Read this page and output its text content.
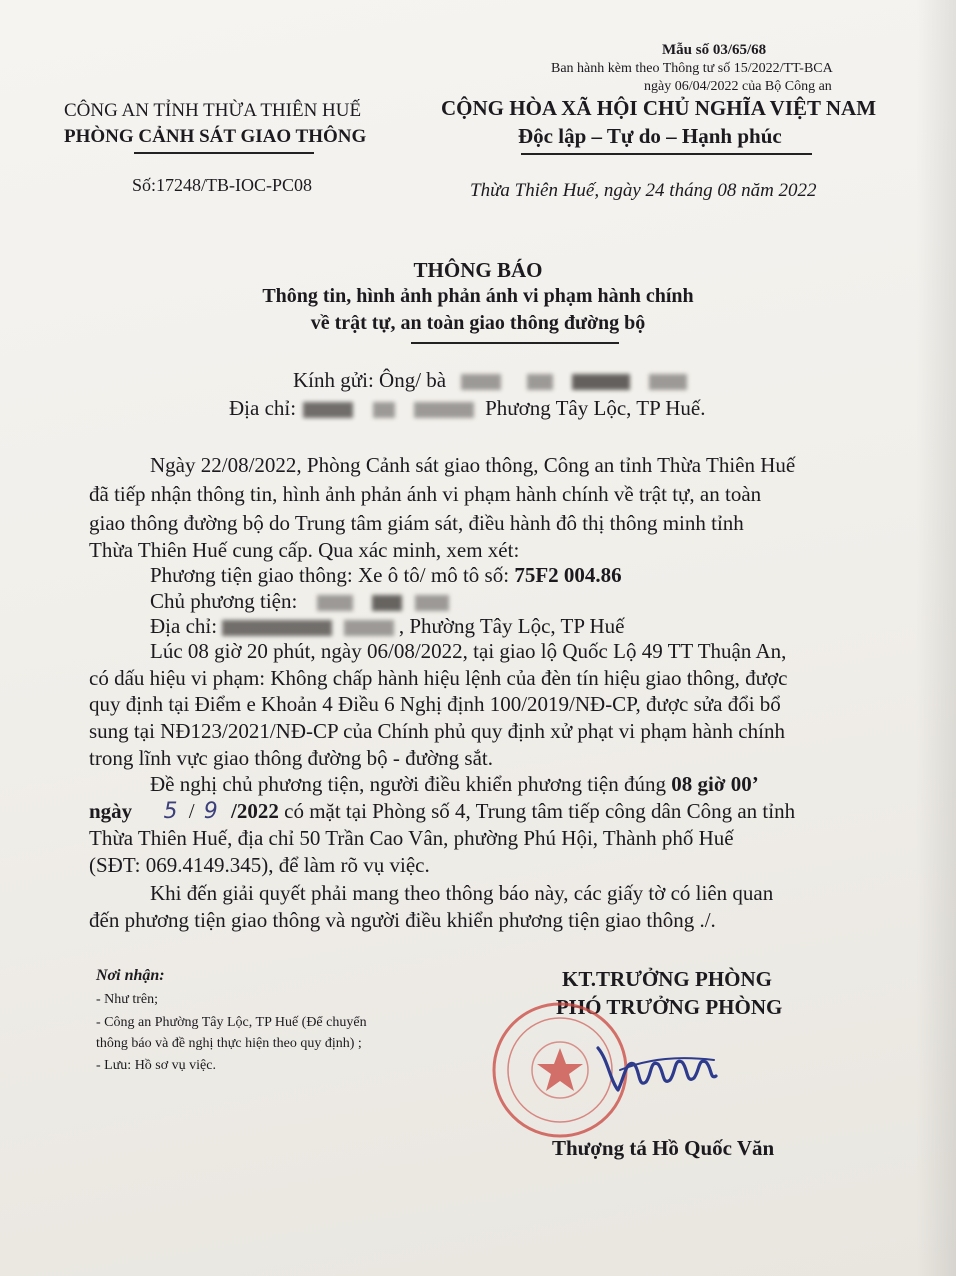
Mẫu số 03/65/68
Ban hành kèm theo Thông tư số 15/2022/TT-BCA
ngày 06/04/2022 của Bộ Công an
CÔNG AN TỈNH THỪA THIÊN HUẾ
PHÒNG CẢNH SÁT GIAO THÔNG
CỘNG HÒA XÃ HỘI CHỦ NGHĨA VIỆT NAM
Độc lập – Tự do – Hạnh phúc
Số:17248/TB-IOC-PC08	Thừa Thiên Huế, ngày 24 tháng 08 năm 2022
THÔNG BÁO
Thông tin, hình ảnh phản ánh vi phạm hành chính
về trật tự, an toàn giao thông đường bộ
Kính gửi: Ông/ bà
Địa chỉ:	Phương Tây Lộc, TP Huế.
Ngày 22/08/2022, Phòng Cảnh sát giao thông, Công an tỉnh Thừa Thiên Huế
đã tiếp nhận thông tin, hình ảnh phản ánh vi phạm hành chính về trật tự, an toàn
giao thông đường bộ do Trung tâm giám sát, điều hành đô thị thông minh tỉnh
Thừa Thiên Huế cung cấp. Qua xác minh, xem xét:
Phương tiện giao thông: Xe ô tô/ mô tô số: 75F2 004.86
Chủ phương tiện:
Địa chỉ:	, Phường Tây Lộc, TP Huế
Lúc 08 giờ 20 phút, ngày 06/08/2022, tại giao lộ Quốc Lộ 49 TT Thuận An,
có dấu hiệu vi phạm: Không chấp hành hiệu lệnh của đèn tín hiệu giao thông, được
quy định tại Điểm e Khoản 4 Điều 6 Nghị định 100/2019/NĐ-CP, được sửa đổi bổ
sung tại NĐ123/2021/NĐ-CP của Chính phủ quy định xử phạt vi phạm hành chính
trong lĩnh vực giao thông đường bộ - đường sắt.
Đề nghị chủ phương tiện, người điều khiển phương tiện đúng 08 giờ 00’
ngày 5 / 9 /2022 có mặt tại Phòng số 4, Trung tâm tiếp công dân Công an tỉnh
Thừa Thiên Huế, địa chỉ 50 Trần Cao Vân, phường Phú Hội, Thành phố Huế
(SĐT: 069.4149.345), để làm rõ vụ việc.
Khi đến giải quyết phải mang theo thông báo này, các giấy tờ có liên quan
đến phương tiện giao thông và người điều khiển phương tiện giao thông ./.
Nơi nhận:
- Như trên;
- Công an Phường Tây Lộc, TP Huế (Để chuyển
thông báo và đề nghị thực hiện theo quy định) ;
- Lưu: Hồ sơ vụ việc.
KT.TRƯỞNG PHÒNG
PHÓ TRƯỞNG PHÒNG
Thượng tá Hồ Quốc Văn
